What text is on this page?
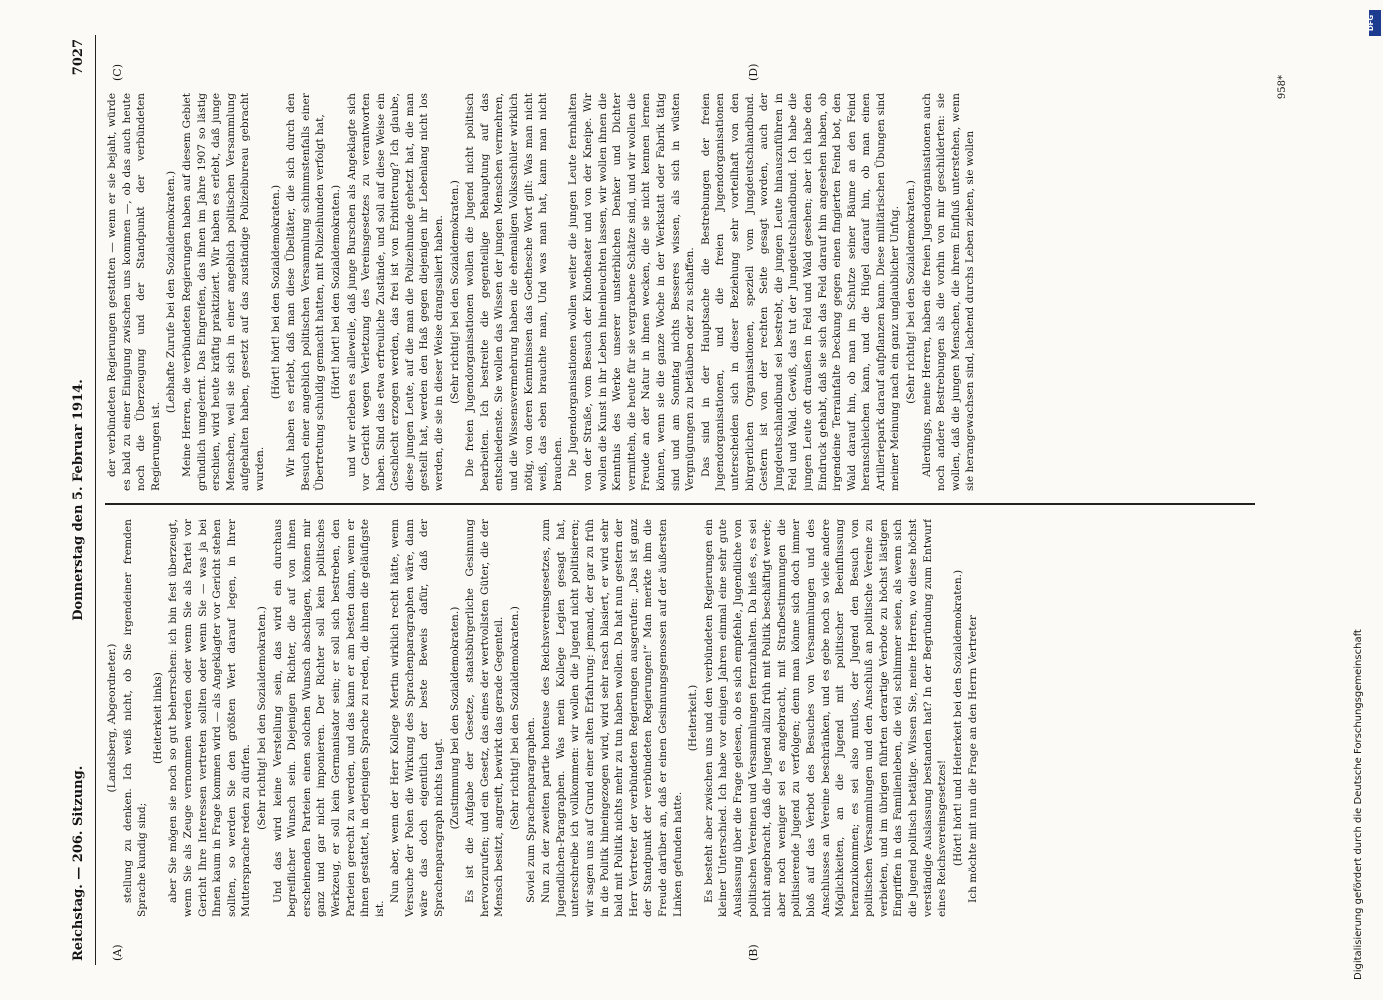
Reichstag. — 206. Sitzung.
Donnerstag den 5. Februar 1914.
7027
(A)	(B)
(C)	(D)

(Landsberg, Abgeordneter.) stellung zu denken. Ich weiß nicht, ob Sie irgendeiner fremden Sprache kundig sind;

(Heiterkeit links) aber Sie mögen sie noch so gut beherrschen: ich bin fest überzeugt, wenn Sie als Zeuge vernommen werden oder wenn Sie als Partei vor Gericht Ihre Interessen vertreten sollten oder wenn Sie — was ja bei Ihnen kaum in Frage kommen wird — als Angeklagter vor Gericht stehen sollten, so werden Sie den größten Wert darauf legen, in Ihrer Muttersprache reden zu dürfen.

(Sehr richtig! bei den Sozialdemokraten.) Und das wird keine Verstellung sein, das wird ein durchaus begreiflicher Wunsch sein. Diejenigen Richter, die auf von ihnen erscheinenden Parteien einen solchen Wunsch abschlagen, können mir ganz und gar nicht imponieren. Der Richter soll kein politisches Werkzeug, er soll kein Germanisator sein; er soll sich bestreben, den Parteien gerecht zu werden, und das kann er am besten dann, wenn er ihnen gestattet, in derjenigen Sprache zu reden, die ihnen die geläufigste ist.

Nun aber, wenn der Herr Kollege Mertin wirklich recht hätte, wenn Versuche der Polen die Wirkung des Sprachenparagraphen wäre, dann wäre das doch eigentlich der beste Beweis dafür, daß der Sprachenparagraph nichts taugt. (Zustimmung bei den Sozialdemokraten.) Es ist die Aufgabe der Gesetze, staatsbürgerliche Gesinnung hervorzurufen; und ein Gesetz, das eines der wertvollsten Güter, die der Mensch besitzt, angreift, bewirkt das gerade Gegenteil. (Sehr richtig! bei den Sozialdemokraten.) Soviel zum Sprachenparagraphen. Nun zu der zweiten partie honteuse des Reichsvereinsgesetzes, zum Jugendlichen-Paragraphen. Was mein Kollege Legien gesagt hat, unterschreibe ich vollkommen: wir wollen die Jugend nicht politisieren; wir sagen uns auf Grund einer alten Erfahrung: jemand, der gar zu früh in die Politik hineingezogen wird, wird sehr rasch blasiert, er wird sehr bald mit Politik nichts mehr zu tun haben wollen. Da hat nun gestern der Herr Vertreter der verbündeten Regierungen ausgerufen: „Das ist ganz der Standpunkt der verbündeten Regierungen!“ Man merkte ihm die Freude darüber an, daß er einen Gesinnungsgenossen auf der äußersten Linken gefunden hatte.

(Heiterkeit.) Es besteht aber zwischen uns und den verbündeten Regierungen ein kleiner Unterschied. Ich habe vor einigen Jahren einmal eine sehr gute Auslassung über die Frage gelesen, ob es sich empfehle, Jugendliche von politischen Vereinen und Versammlungen fernzuhalten. Da hieß es, es sei nicht angebracht, daß die Jugend allzu früh mit Politik beschäftigt werde; aber noch weniger sei es angebracht, mit Strafbestimmungen die politisierende Jugend zu verfolgen; denn man könne sich doch immer bloß auf das Verbot des Besuches von Versammlungen und des Anschlusses an Vereine beschränken, und es gebe noch so viele andere Möglichkeiten, an die Jugend mit politischer Beeinflussung heranzukommen; es sei also mutlos, der Jugend den Besuch von politischen Versammlungen und den Anschluß an politische Vereine zu verbieten, und im übrigen führten derartige Verbote zu höchst lästigen Eingriffen in das Familienleben, die viel schlimmer seien, als wenn sich die Jugend politisch betätige. Wissen Sie, meine Herren, wo diese höchst verständige Auslassung bestanden hat? In der Begründung zum Entwurf eines Reichsvereinsgesetzes! (Hört! hört! und Heiterkeit bei den Sozialdemokraten.) Ich möchte mit nun die Frage an den Herrn Vertreter

der verbündeten Regierungen gestatten — wenn er sie bejaht, würde es bald zu einer Einigung zwischen uns kommen —, ob das auch heute noch die Überzeugung und der Standpunkt der verbündeten Regierungen ist.

(Lebhafte Zurufe bei den Sozialdemokraten.) Meine Herren, die verbündeten Regierungen haben auf diesem Gebiet gründlich umgelernt. Das Eingreifen, das ihnen im Jahre 1907 so lästig erschien, wird heute kräftig praktiziert. Wir haben es erlebt, daß junge Menschen, weil sie sich in einer angeblich politischen Versammlung aufgehalten haben, gesetzt auf das zuständige Polizeibureau gebracht wurden.

(Hört! hört! bei den Sozialdemokraten.) Wir haben es erlebt, daß man diese Übeltäter, die sich durch den Besuch einer angeblich politischen Versammlung schimmstenfalls einer Übertretung schuldig gemacht hatten, mit Polizeihunden verfolgt hat, (Hört! hört! bei den Sozialdemokraten.) und wir erleben es alleweile, daß junge Burschen als Angeklagte sich vor Gericht wegen Verletzung des Vereinsgesetzes zu verantworten haben. Sind das etwa erfreuliche Zustände, und soll auf diese Weise ein Geschlecht erzogen werden, das frei ist von Erbitterung? Ich glaube, diese jungen Leute, auf die man die Polizeihunde gehetzt hat, die man gestellt hat, werden den Haß gegen diejenigen ihr Lebenlang nicht los werden, die sie in dieser Weise drangsaliert haben. (Sehr richtig! bei den Sozialdemokraten.) Die freien Jugendorganisationen wollen die Jugend nicht politisch bearbeiten. Ich bestreite die gegenteilige Behauptung auf das entschiedenste. Sie wollen das Wissen der jungen Menschen vermehren, und die Wissensvermehrung haben die ehemaligen Volksschüler wirklich nötig, von deren Kenntnissen das Goethesche Wort gilt: Was man nicht weiß, das eben brauchte man, Und was man hat, kann man nicht brauchen. Die Jugendorganisationen wollen weiter die jungen Leute fernhalten von der Straße, vom Besuch der Kinotheater und von der Kneipe. Wir wollen die Kunst in ihr Leben hineinleuchten lassen, wir wollen ihnen die Kenntnis des Werke unserer unsterblichen Denker und Dichter vermitteln, die heute für sie vergrabene Schätze sind, und wir wollen die Freude an der Natur in ihnen wecken, die sie nicht kennen lernen können, wenn sie die ganze Woche in der Werkstatt oder Fabrik tätig sind und am Sonntag nichts Besseres wissen, als sich in wüsten Vergnügungen zu betäuben oder zu schaffen. Das sind in der Hauptsache die Bestrebungen der freien Jugendorganisationen, und die freien Jugendorganisationen unterscheiden sich in dieser Beziehung sehr vorteilhaft von den bürgerlichen Organisationen, speziell vom Jungdeutschlandbund. Gestern ist von der rechten Seite gesagt worden, auch der Jungdeutschlandbund sei bestrebt, die jungen Leute hinauszuführen in Feld und Wald. Gewiß, das tut der Jungdeutschlandbund. Ich habe die jungen Leute oft draußen in Feld und Wald gesehen; aber ich habe den Eindruck gehabt, daß sie sich das Feld darauf hin angesehen haben, ob irgendeine Terrainfalte Deckung gegen einen fingierten Feind bot, den Wald darauf hin, ob man im Schutze seiner Bäume an den Feind heranschleichen kann, und die Hügel darauf hin, ob man einen Artilleriepark darauf aufpflanzen kann. Diese militärischen Übungen sind meiner Meinung nach ein ganz unglaublicher Unfug. (Sehr richtig! bei den Sozialdemokraten.) Allerdings, meine Herren, haben die freien Jugendorganisationen auch noch andere Bestrebungen als die vorhin von mir geschilderten: sie wollen, daß die jungen Menschen, die ihrem Einfluß unterstehen, wenn sie herangewachsen sind, lachend durchs Leben ziehen, sie wollen

958*
Digitalisierung gefördert durch die Deutsche Forschungsgemeinschaft
DFG
